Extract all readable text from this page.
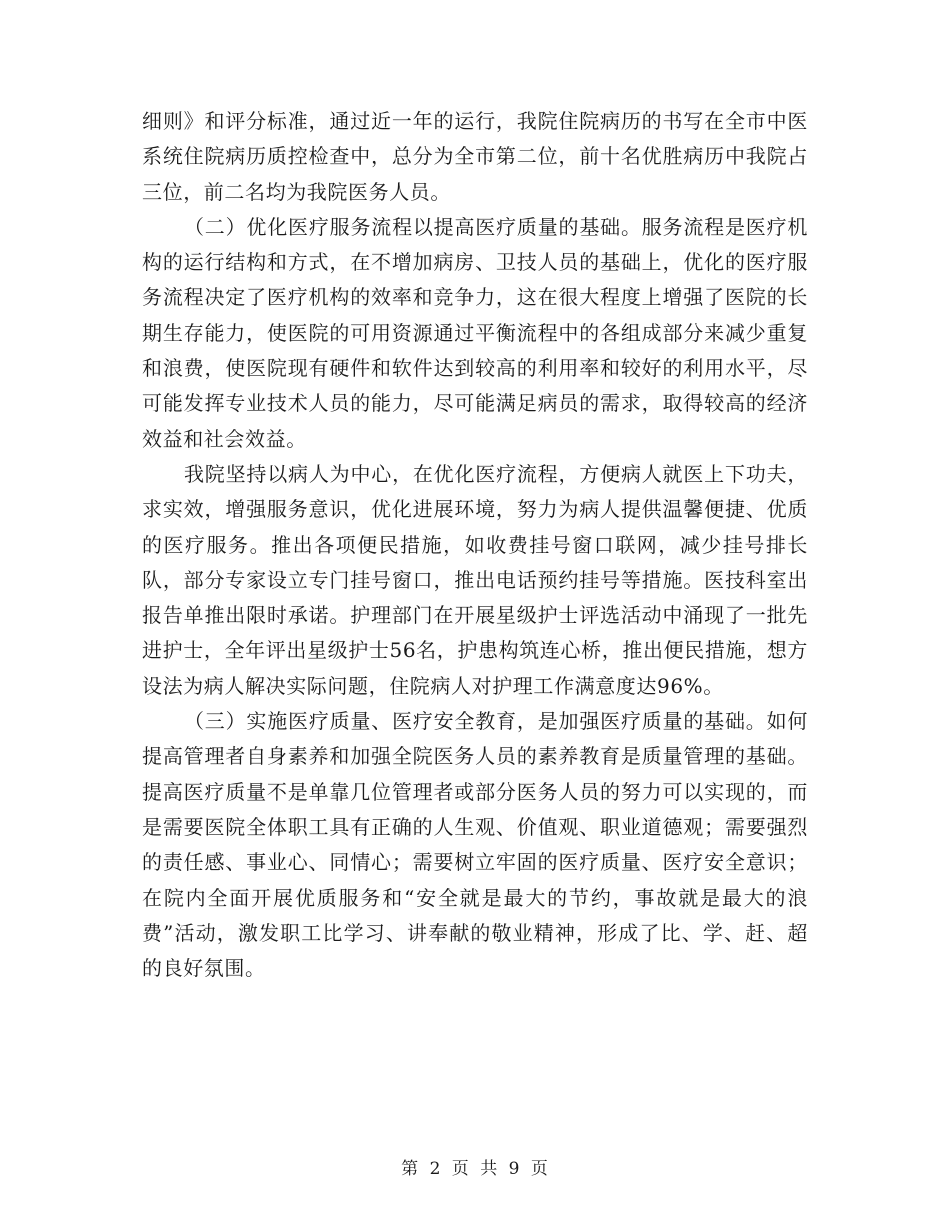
细则》和评分标准，通过近一年的运行，我院住院病历的书写在全市中医系统住院病历质控检查中，总分为全市第二位，前十名优胜病历中我院占三位，前二名均为我院医务人员。

（二）优化医疗服务流程以提高医疗质量的基础。服务流程是医疗机构的运行结构和方式，在不增加病房、卫技人员的基础上，优化的医疗服务流程决定了医疗机构的效率和竞争力，这在很大程度上增强了医院的长期生存能力，使医院的可用资源通过平衡流程中的各组成部分来减少重复和浪费，使医院现有硬件和软件达到较高的利用率和较好的利用水平，尽可能发挥专业技术人员的能力，尽可能满足病员的需求，取得较高的经济效益和社会效益。

我院坚持以病人为中心，在优化医疗流程，方便病人就医上下功夫，求实效，增强服务意识，优化进展环境，努力为病人提供温馨便捷、优质的医疗服务。推出各项便民措施，如收费挂号窗口联网，减少挂号排长队，部分专家设立专门挂号窗口，推出电话预约挂号等措施。医技科室出报告单推出限时承诺。护理部门在开展星级护士评选活动中涌现了一批先进护士，全年评出星级护士56名，护患构筑连心桥，推出便民措施，想方设法为病人解决实际问题，住院病人对护理工作满意度达96%。

（三）实施医疗质量、医疗安全教育，是加强医疗质量的基础。如何提高管理者自身素养和加强全院医务人员的素养教育是质量管理的基础。提高医疗质量不是单靠几位管理者或部分医务人员的努力可以实现的，而是需要医院全体职工具有正确的人生观、价值观、职业道德观；需要强烈的责任感、事业心、同情心；需要树立牢固的医疗质量、医疗安全意识；在院内全面开展优质服务和“安全就是最大的节约，事故就是最大的浪费”活动，激发职工比学习、讲奉献的敬业精神，形成了比、学、赶、超的良好氛围。

第 2 页 共 9 页
